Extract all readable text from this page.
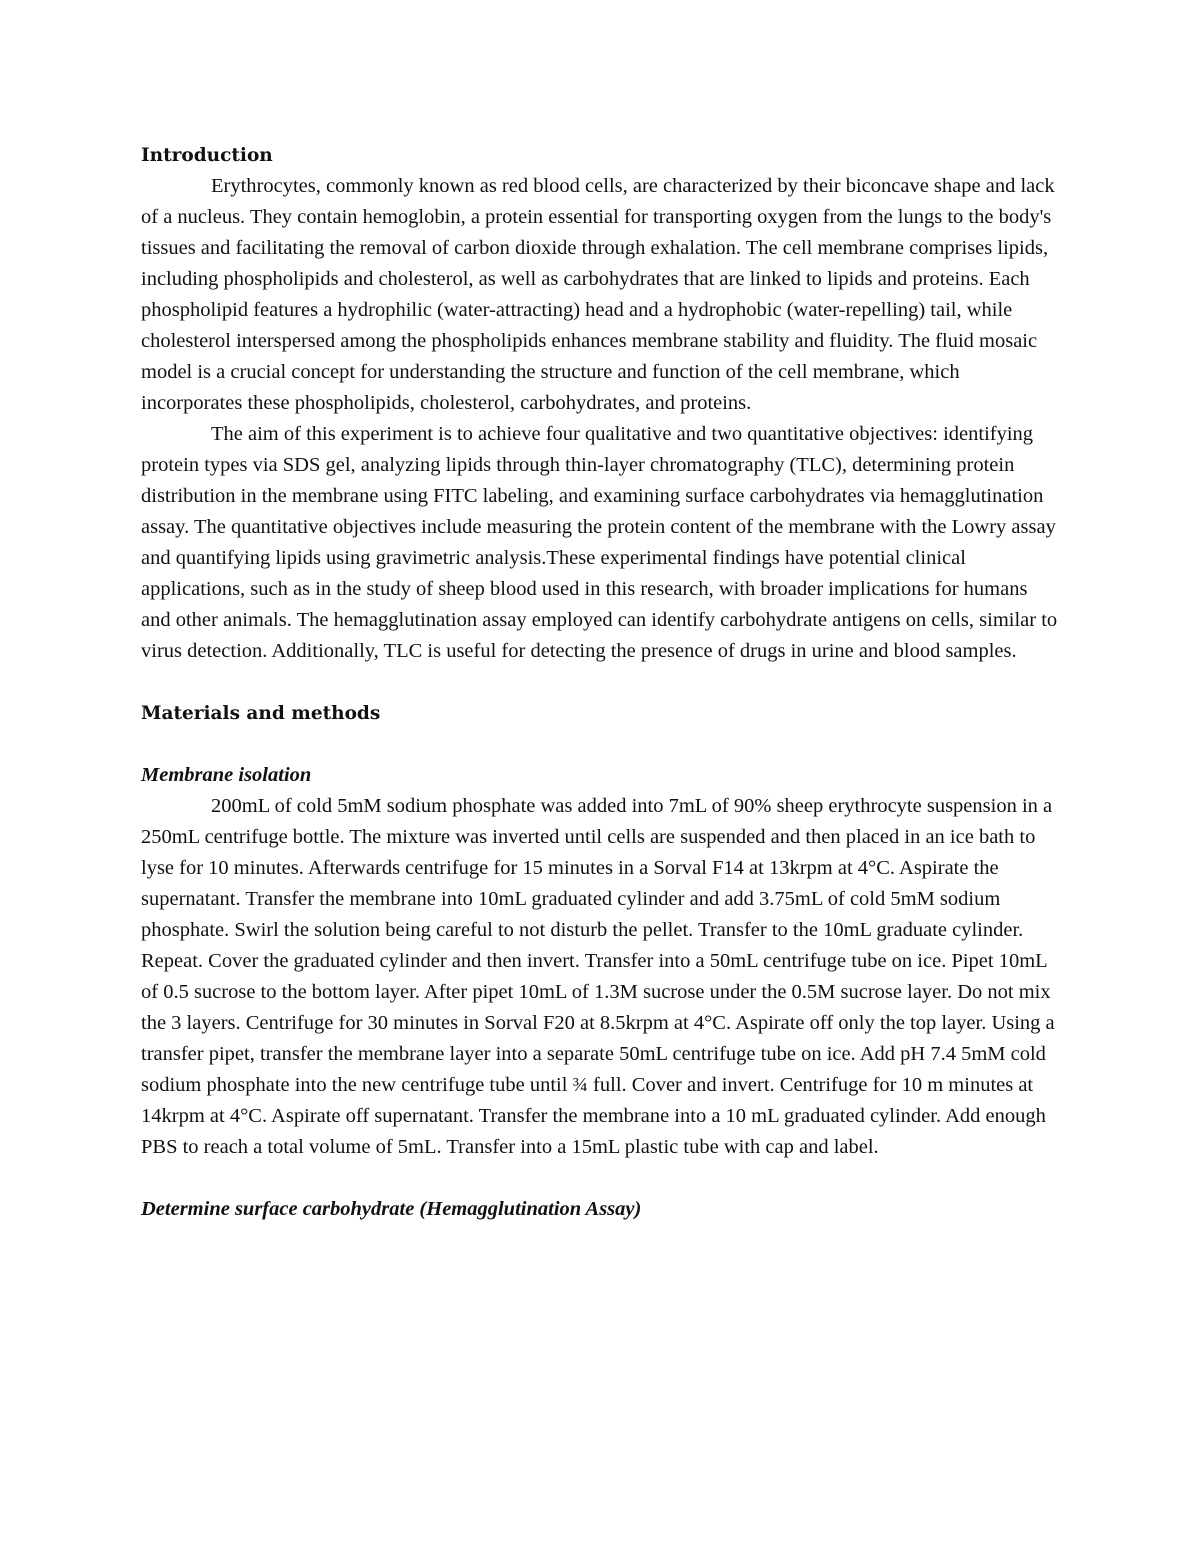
Introduction

Erythrocytes, commonly known as red blood cells, are characterized by their biconcave shape and lack of a nucleus. They contain hemoglobin, a protein essential for transporting oxygen from the lungs to the body's tissues and facilitating the removal of carbon dioxide through exhalation. The cell membrane comprises lipids, including phospholipids and cholesterol, as well as carbohydrates that are linked to lipids and proteins. Each phospholipid features a hydrophilic (water-attracting) head and a hydrophobic (water-repelling) tail, while cholesterol interspersed among the phospholipids enhances membrane stability and fluidity. The fluid mosaic model is a crucial concept for understanding the structure and function of the cell membrane, which incorporates these phospholipids, cholesterol, carbohydrates, and proteins.

The aim of this experiment is to achieve four qualitative and two quantitative objectives: identifying protein types via SDS gel, analyzing lipids through thin-layer chromatography (TLC), determining protein distribution in the membrane using FITC labeling, and examining surface carbohydrates via hemagglutination assay. The quantitative objectives include measuring the protein content of the membrane with the Lowry assay and quantifying lipids using gravimetric analysis.These experimental findings have potential clinical applications, such as in the study of sheep blood used in this research, with broader implications for humans and other animals. The hemagglutination assay employed can identify carbohydrate antigens on cells, similar to virus detection. Additionally, TLC is useful for detecting the presence of drugs in urine and blood samples.

Materials and methods

Membrane isolation

200mL of cold 5mM sodium phosphate was added into 7mL of 90% sheep erythrocyte suspension in a 250mL centrifuge bottle. The mixture was inverted until cells are suspended and then placed in an ice bath to lyse for 10 minutes. Afterwards centrifuge for 15 minutes in a Sorval F14 at 13krpm at 4°C. Aspirate the supernatant. Transfer the membrane into 10mL graduated cylinder and add 3.75mL of cold 5mM sodium phosphate. Swirl the solution being careful to not disturb the pellet. Transfer to the 10mL graduate cylinder. Repeat. Cover the graduated cylinder and then invert. Transfer into a 50mL centrifuge tube on ice. Pipet 10mL of 0.5 sucrose to the bottom layer. After pipet 10mL of 1.3M sucrose under the 0.5M sucrose layer. Do not mix the 3 layers. Centrifuge for 30 minutes in Sorval F20 at 8.5krpm at 4°C. Aspirate off only the top layer. Using a transfer pipet, transfer the membrane layer into a separate 50mL centrifuge tube on ice. Add pH 7.4 5mM cold sodium phosphate into the new centrifuge tube until ¾ full. Cover and invert. Centrifuge for 10 m minutes at 14krpm at 4°C. Aspirate off supernatant. Transfer the membrane into a 10 mL graduated cylinder. Add enough PBS to reach a total volume of 5mL. Transfer into a 15mL plastic tube with cap and label.

Determine surface carbohydrate (Hemagglutination Assay)
